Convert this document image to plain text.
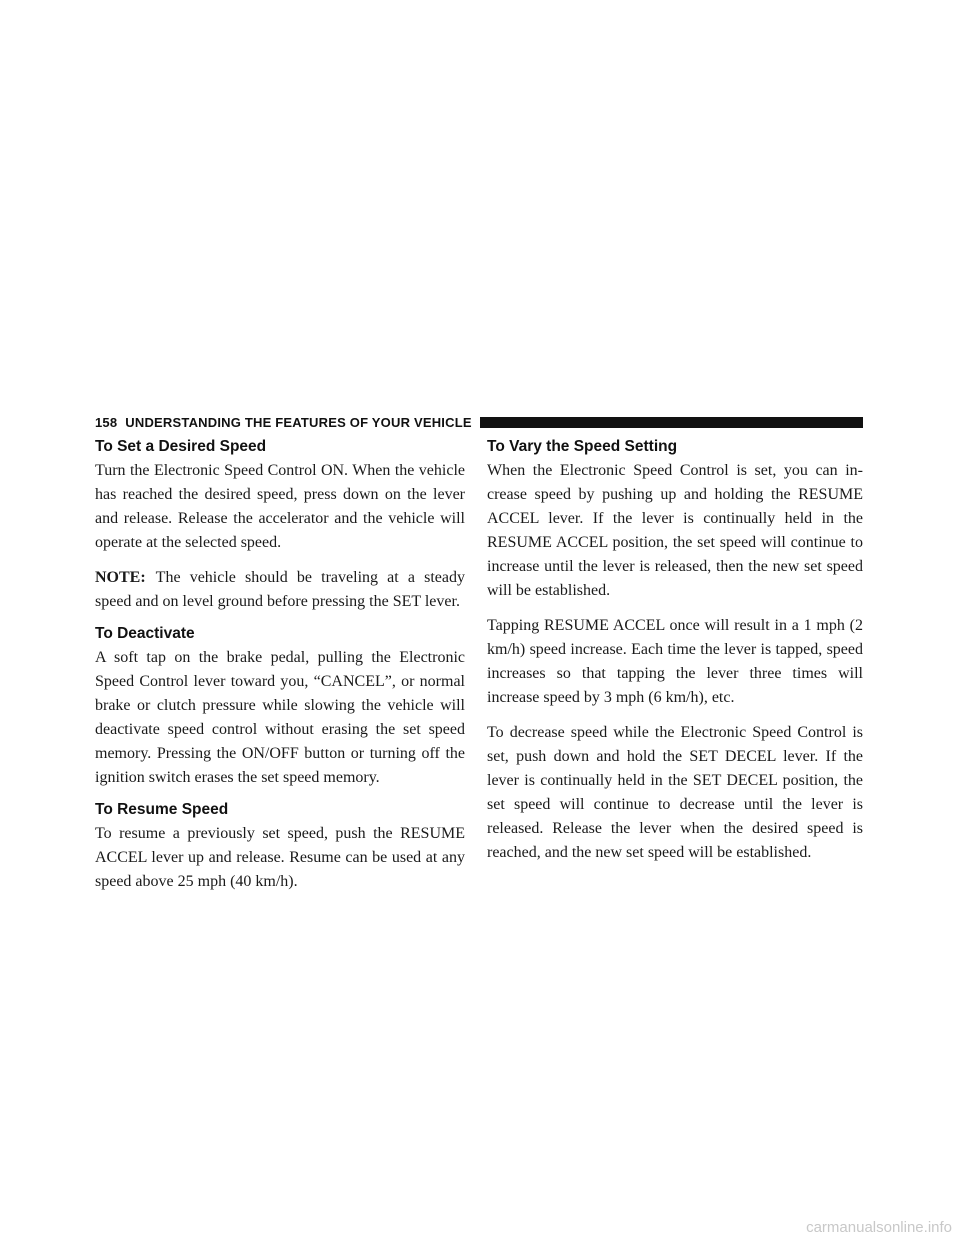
158 UNDERSTANDING THE FEATURES OF YOUR VEHICLE
To Set a Desired Speed

Turn the Electronic Speed Control ON. When the vehicle has reached the desired speed, press down on the lever and release. Release the accelerator and the vehicle will operate at the selected speed.

NOTE: The vehicle should be traveling at a steady speed and on level ground before pressing the SET lever.

To Deactivate

A soft tap on the brake pedal, pulling the Electronic Speed Control lever toward you, “CANCEL”, or normal brake or clutch pressure while slowing the vehicle will deactivate speed control without erasing the set speed memory. Pressing the ON/OFF button or turning off the ignition switch erases the set speed memory.

To Resume Speed

To resume a previously set speed, push the RESUME ACCEL lever up and release. Resume can be used at any speed above 25 mph (40 km/h).

To Vary the Speed Setting

When the Electronic Speed Control is set, you can in-crease speed by pushing up and holding the RESUME ACCEL lever. If the lever is continually held in the RESUME ACCEL position, the set speed will continue to increase until the lever is released, then the new set speed will be established.

Tapping RESUME ACCEL once will result in a 1 mph (2 km/h) speed increase. Each time the lever is tapped, speed increases so that tapping the lever three times will increase speed by 3 mph (6 km/h), etc.

To decrease speed while the Electronic Speed Control is set, push down and hold the SET DECEL lever. If the lever is continually held in the SET DECEL position, the set speed will continue to decrease until the lever is released. Release the lever when the desired speed is reached, and the new set speed will be established.

carmanualsonline.info
